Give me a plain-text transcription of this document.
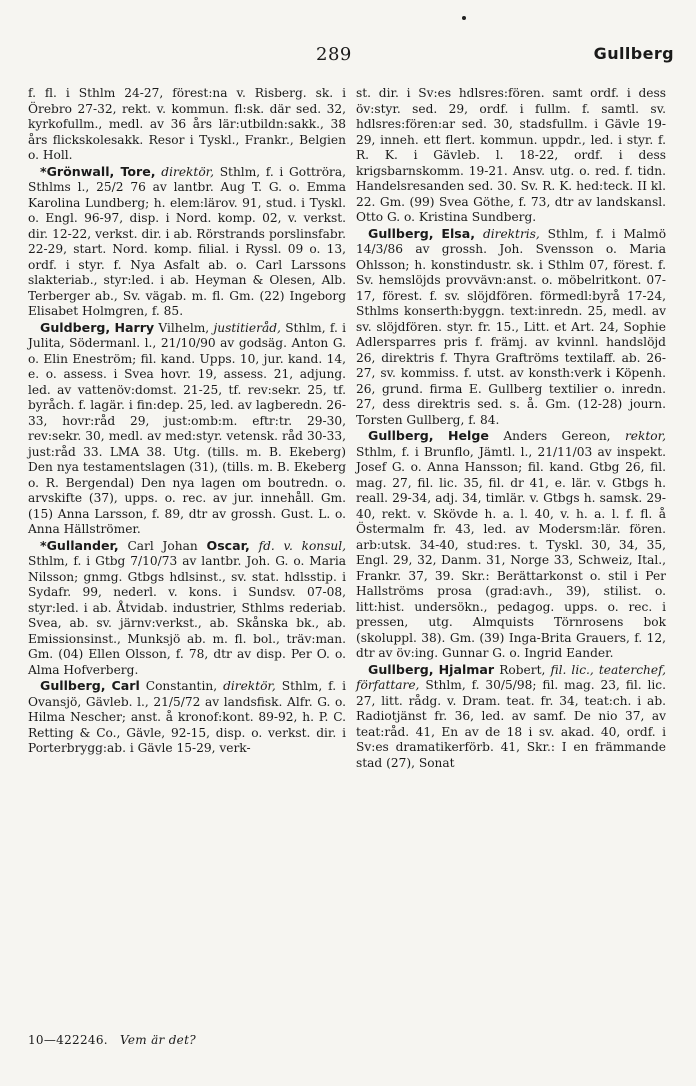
289	Gullberg

f. fl. i Sthlm 24-27, förest:na v. Risberg. sk. i Örebro 27-32, rekt. v. kommun. fl:sk. där sed. 32, kyrkofullm., medl. av 36 års lär:utbildn:sakk., 38 års flickskolesakk. Resor i Tyskl., Frankr., Belgien o. Holl.

*Grönwall, Tore, direktör, Sthlm, f. i Gottröra, Sthlms l., 25/2 76 av lantbr. Aug T. G. o. Emma Karolina Lundberg; h. elem:lärov. 91, stud. i Tyskl. o. Engl. 96-97, disp. i Nord. komp. 02, v. verkst. dir. 12-22, verkst. dir. i ab. Rörstrands porslinsfabr. 22-29, start. Nord. komp. filial. i Ryssl. 09 o. 13, ordf. i styr. f. Nya Asfalt ab. o. Carl Larssons slakteriab., styr:led. i ab. Heyman & Olesen, Alb. Terberger ab., Sv. vägab. m. fl. Gm. (22) Ingeborg Elisabet Holmgren, f. 85.

Guldberg, Harry Vilhelm, justitieråd, Sthlm, f. i Julita, Södermanl. l., 21/10/90 av godsäg. Anton G. o. Elin Eneström; fil. kand. Upps. 10, jur. kand. 14, e. o. assess. i Svea hovr. 19, assess. 21, adjung. led. av vattenöv:domst. 21-25, tf. rev:sekr. 25, tf. byråch. f. lagär. i fin:dep. 25, led. av lagberedn. 26-33, hovr:råd 29, just:omb:m. eftr:tr. 29-30, rev:sekr. 30, medl. av med:styr. vetensk. råd 30-33, just:råd 33. LMA 38. Utg. (tills. m. B. Ekeberg) Den nya testamentslagen (31), (tills. m. B. Ekeberg o. R. Bergendal) Den nya lagen om boutredn. o. arvskifte (37), upps. o. rec. av jur. innehåll. Gm. (15) Anna Larsson, f. 89, dtr av grossh. Gust. L. o. Anna Hällströmer.

*Gullander, Carl Johan Oscar, fd. v. konsul, Sthlm, f. i Gtbg 7/10/73 av lantbr. Joh. G. o. Maria Nilsson; gnmg. Gtbgs hdlsinst., sv. stat. hdlsstip. i Sydafr. 99, nederl. v. kons. i Sundsv. 07-08, styr:led. i ab. Åtvidab. industrier, Sthlms rederiab. Svea, ab. sv. järnv:verkst., ab. Skånska bk., ab. Emissionsinst., Munksjö ab. m. fl. bol., träv:man. Gm. (04) Ellen Olsson, f. 78, dtr av disp. Per O. o. Alma Hofverberg.

Gullberg, Carl Constantin, direktör, Sthlm, f. i Ovansjö, Gävleb. l., 21/5/72 av landsfisk. Alfr. G. o. Hilma Nescher; anst. å kronof:kont. 89-92, h. P. C. Retting & Co., Gävle, 92-15, disp. o. verkst. dir. i Porterbrygg:ab. i Gävle 15-29, verk-

st. dir. i Sv:es hdlsres:fören. samt ordf. i dess öv:styr. sed. 29, ordf. i fullm. f. samtl. sv. hdlsres:fören:ar sed. 30, stadsfullm. i Gävle 19-29, inneh. ett flert. kommun. uppdr., led. i styr. f. R. K. i Gävleb. l. 18-22, ordf. i dess krigsbarnskomm. 19-21. Ansv. utg. o. red. f. tidn. Handelsresanden sed. 30. Sv. R. K. hed:teck. II kl. 22. Gm. (99) Svea Göthe, f. 73, dtr av landskansl. Otto G. o. Kristina Sundberg.

Gullberg, Elsa, direktris, Sthlm, f. i Malmö 14/3/86 av grossh. Joh. Svensson o. Maria Ohlsson; h. konstindustr. sk. i Sthlm 07, förest. f. Sv. hemslöjds provvävn:anst. o. möbelritkont. 07-17, förest. f. sv. slöjdfören. förmedl:byrå 17-24, Sthlms konserth:byggn. text:inredn. 25, medl. av sv. slöjdfören. styr. fr. 15., Litt. et Art. 24, Sophie Adlersparres pris f. främj. av kvinnl. handslöjd 26, direktris f. Thyra Graftröms textilaff. ab. 26-27, sv. kommiss. f. utst. av konsth:verk i Köpenh. 26, grund. firma E. Gullberg textilier o. inredn. 27, dess direktris sed. s. å. Gm. (12-28) journ. Torsten Gullberg, f. 84.

Gullberg, Helge Anders Gereon, rektor, Sthlm, f. i Brunflo, Jämtl. l., 21/11/03 av inspekt. Josef G. o. Anna Hansson; fil. kand. Gtbg 26, fil. mag. 27, fil. lic. 35, fil. dr 41, e. lär. v. Gtbgs h. reall. 29-34, adj. 34, timlär. v. Gtbgs h. samsk. 29-40, rekt. v. Skövde h. a. l. 40, v. h. a. l. f. fl. å Östermalm fr. 43, led. av Modersm:lär. fören. arb:utsk. 34-40, stud:res. t. Tyskl. 30, 34, 35, Engl. 29, 32, Danm. 31, Norge 33, Schweiz, Ital., Frankr. 37, 39. Skr.: Berättarkonst o. stil i Per Hallströms prosa (grad:avh., 39), stilist. o. litt:hist. undersökn., pedagog. upps. o. rec. i pressen, utg. Almquists Törnrosens bok (skoluppl. 38). Gm. (39) Inga-Brita Grauers, f. 12, dtr av öv:ing. Gunnar G. o. Ingrid Eander.

Gullberg, Hjalmar Robert, fil. lic., teaterchef, författare, Sthlm, f. 30/5/98; fil. mag. 23, fil. lic. 27, litt. rådg. v. Dram. teat. fr. 34, teat:ch. i ab. Radiotjänst fr. 36, led. av samf. De nio 37, av teat:råd. 41, En av de 18 i sv. akad. 40, ordf. i Sv:es dramatikerförb. 41, Skr.: I en främmande stad (27), Sonat

10—422246. Vem är det?
